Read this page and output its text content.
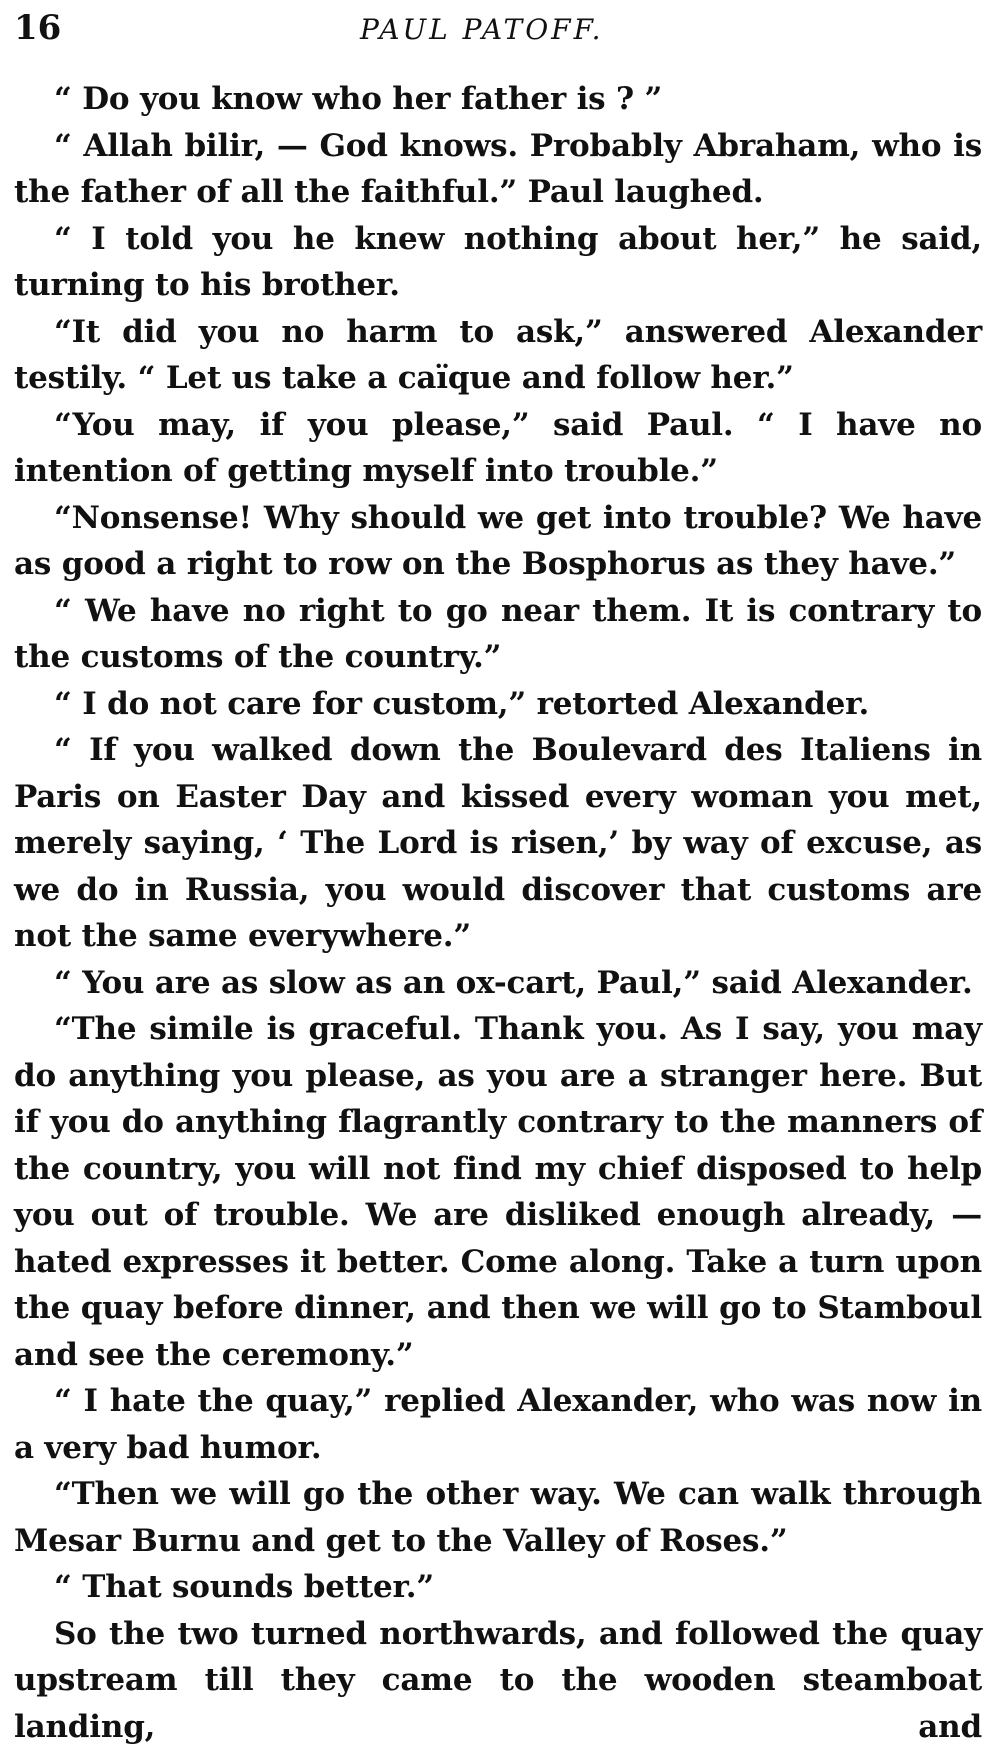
16	PAUL PATOFF.

“ Do you know who her father is ? ”

“ Allah bilir, — God knows. Probably Abraham, who is the father of all the faithful.” Paul laughed.

“ I told you he knew nothing about her,” he said, turning to his brother.

“It did you no harm to ask,” answered Alexander testily. “ Let us take a caïque and follow her.”

“You may, if you please,” said Paul. “ I have no intention of getting myself into trouble.”

“Nonsense! Why should we get into trouble? We have as good a right to row on the Bosphorus as they have.”

“ We have no right to go near them. It is contrary to the customs of the country.”

“ I do not care for custom,” retorted Alexander.

“ If you walked down the Boulevard des Italiens in Paris on Easter Day and kissed every woman you met, merely saying, ‘ The Lord is risen,’ by way of excuse, as we do in Russia, you would discover that customs are not the same everywhere.”

“ You are as slow as an ox-cart, Paul,” said Alexander.

“The simile is graceful. Thank you. As I say, you may do anything you please, as you are a stranger here. But if you do anything flagrantly contrary to the manners of the country, you will not find my chief disposed to help you out of trouble. We are disliked enough already, — hated expresses it better. Come along. Take a turn upon the quay before dinner, and then we will go to Stamboul and see the ceremony.”

“ I hate the quay,” replied Alexander, who was now in a very bad humor.

“Then we will go the other way. We can walk through Mesar Burnu and get to the Valley of Roses.”

“ That sounds better.”

So the two turned northwards, and followed the quay upstream till they came to the wooden steamboat landing, and
